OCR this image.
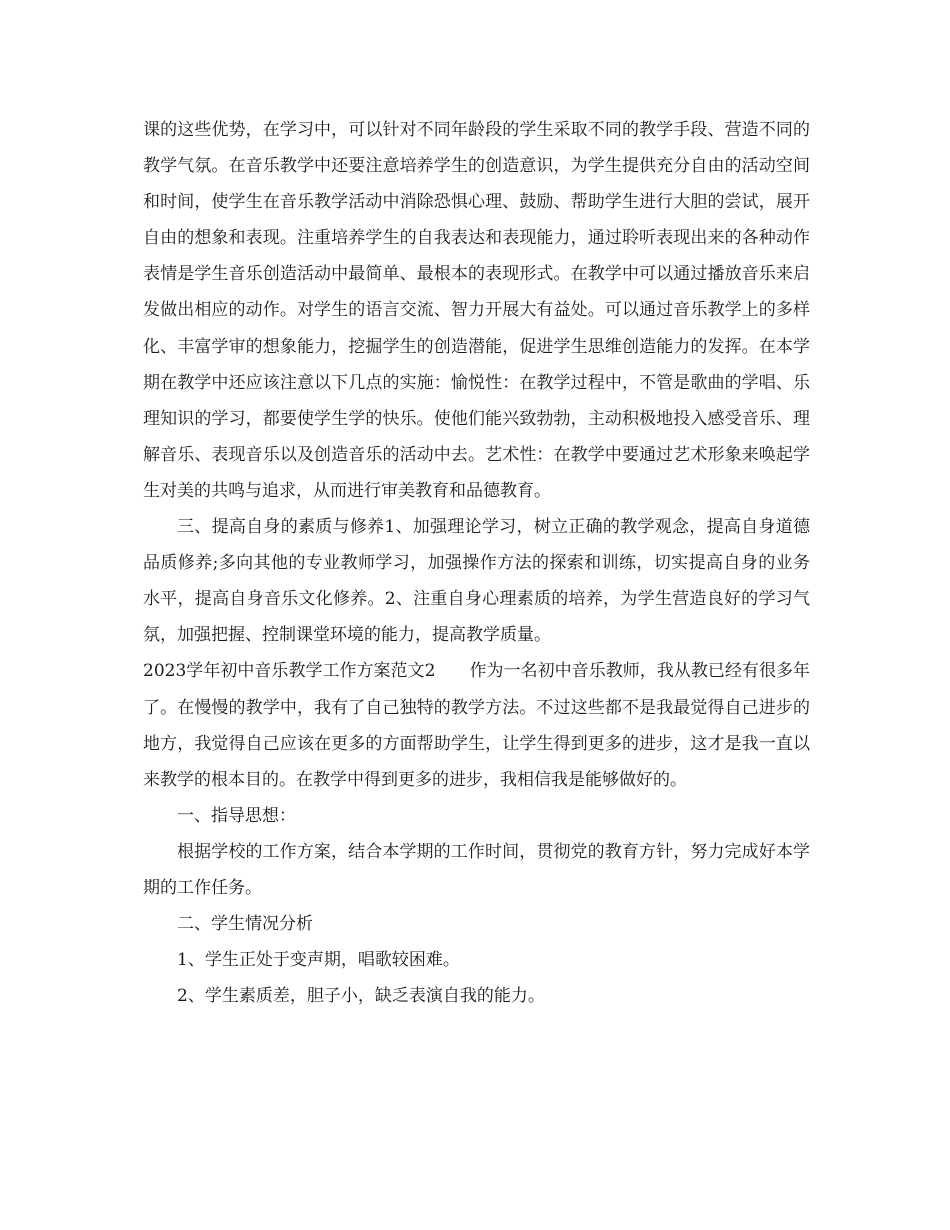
课的这些优势，在学习中，可以针对不同年龄段的学生采取不同的教学手段、营造不同的教学气氛。在音乐教学中还要注意培养学生的创造意识，为学生提供充分自由的活动空间和时间，使学生在音乐教学活动中消除恐惧心理、鼓励、帮助学生进行大胆的尝试，展开自由的想象和表现。注重培养学生的自我表达和表现能力，通过聆听表现出来的各种动作表情是学生音乐创造活动中最简单、最根本的表现形式。在教学中可以通过播放音乐来启发做出相应的动作。对学生的语言交流、智力开展大有益处。可以通过音乐教学上的多样化、丰富学审的想象能力，挖掘学生的创造潜能，促进学生思维创造能力的发挥。在本学期在教学中还应该注意以下几点的实施：愉悦性：在教学过程中，不管是歌曲的学唱、乐理知识的学习，都要使学生学的快乐。使他们能兴致勃勃，主动积极地投入感受音乐、理解音乐、表现音乐以及创造音乐的活动中去。艺术性：在教学中要通过艺术形象来唤起学生对美的共鸣与追求，从而进行审美教育和品德教育。

三、提高自身的素质与修养1、加强理论学习，树立正确的教学观念，提高自身道德品质修养;多向其他的专业教师学习，加强操作方法的探索和训练，切实提高自身的业务水平，提高自身音乐文化修养。2、注重自身心理素质的培养，为学生营造良好的学习气氛，加强把握、控制课堂环境的能力，提高教学质量。

2023学年初中音乐教学工作方案范文2　　作为一名初中音乐教师，我从教已经有很多年了。在慢慢的教学中，我有了自己独特的教学方法。不过这些都不是我最觉得自己进步的地方，我觉得自己应该在更多的方面帮助学生，让学生得到更多的进步，这才是我一直以来教学的根本目的。在教学中得到更多的进步，我相信我是能够做好的。

一、指导思想：

根据学校的工作方案，结合本学期的工作时间，贯彻党的教育方针，努力完成好本学期的工作任务。

二、学生情况分析

1、学生正处于变声期，唱歌较困难。

2、学生素质差，胆子小，缺乏表演自我的能力。
